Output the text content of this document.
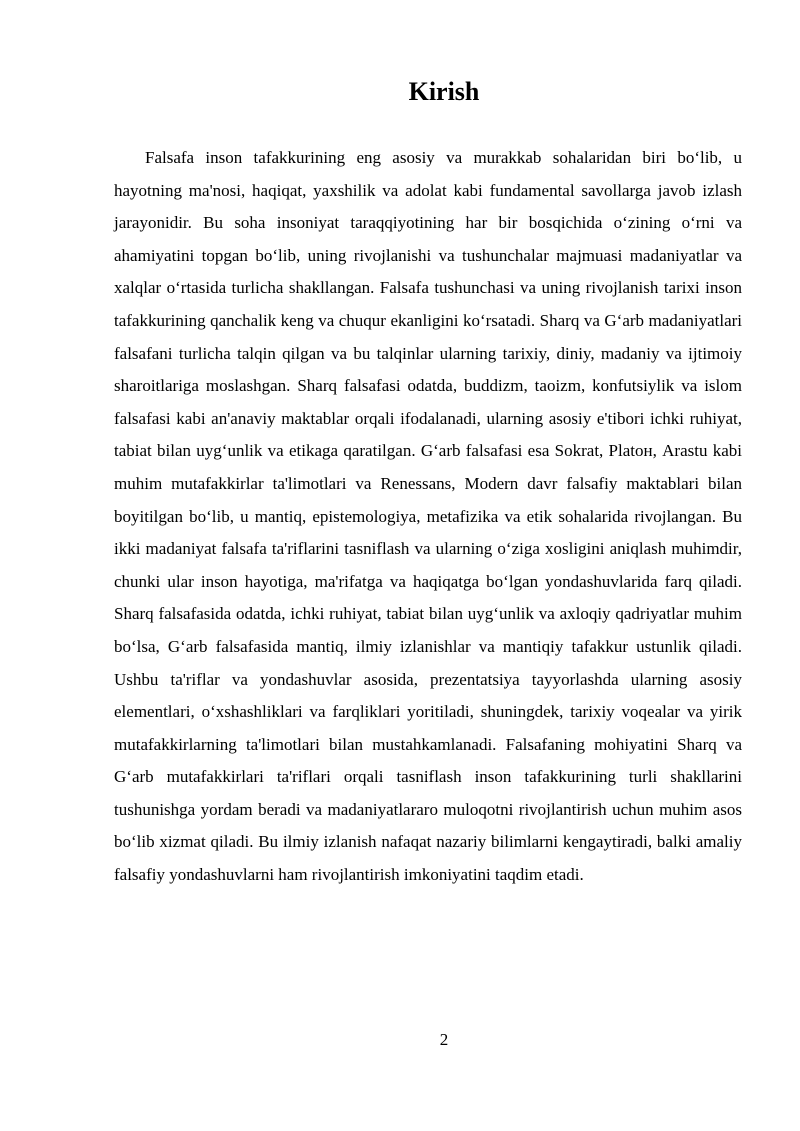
Kirish

Falsafa inson tafakkurining eng asosiy va murakkab sohalaridan biri bo‘lib, u hayotning ma'nosi, haqiqat, yaxshilik va adolat kabi fundamental savollarga javob izlash jarayonidir. Bu soha insoniyat taraqqiyotining har bir bosqichida o‘zining o‘rni va ahamiyatini topgan bo‘lib, uning rivojlanishi va tushunchalar majmuasi madaniyatlar va xalqlar o‘rtasida turlicha shakllangan. Falsafa tushunchasi va uning rivojlanish tarixi inson tafakkurining qanchalik keng va chuqur ekanligini ko‘rsatadi. Sharq va G‘arb madaniyatlari falsafani turlicha talqin qilgan va bu talqinlar ularning tarixiy, diniy, madaniy va ijtimoiy sharoitlariga moslashgan. Sharq falsafasi odatda, buddizm, taoizm, konfutsiylik va islom falsafasi kabi an'anaviy maktablar orqali ifodalanadi, ularning asosiy e'tibori ichki ruhiyat, tabiat bilan uyg‘unlik va etikaga qaratilgan. G‘arb falsafasi esa Sokrat, Platoн, Arastu kabi muhim mutafakkirlar ta'limotlari va Renessans, Modern davr falsafiy maktablari bilan boyitilgan bo‘lib, u mantiq, epistemologiya, metafizika va etik sohalarida rivojlangan. Bu ikki madaniyat falsafa ta'riflarini tasniflash va ularning o‘ziga xosligini aniqlash muhimdir, chunki ular inson hayotiga, ma'rifatga va haqiqatga bo‘lgan yondashuvlarida farq qiladi. Sharq falsafasida odatda, ichki ruhiyat, tabiat bilan uyg‘unlik va axloqiy qadriyatlar muhim bo‘lsa, G‘arb falsafasida mantiq, ilmiy izlanishlar va mantiqiy tafakkur ustunlik qiladi. Ushbu ta'riflar va yondashuvlar asosida, prezentatsiya tayyorlashda ularning asosiy elementlari, o‘xshashliklari va farqliklari yoritiladi, shuningdek, tarixiy voqealar va yirik mutafakkirlarning ta'limotlari bilan mustahkamlanadi. Falsafaning mohiyatini Sharq va G‘arb mutafakkirlari ta'riflari orqali tasniflash inson tafakkurining turli shakllarini tushunishga yordam beradi va madaniyatlararo muloqotni rivojlantirish uchun muhim asos bo‘lib xizmat qiladi. Bu ilmiy izlanish nafaqat nazariy bilimlarni kengaytiradi, balki amaliy falsafiy yondashuvlarni ham rivojlantirish imkoniyatini taqdim etadi.

2
